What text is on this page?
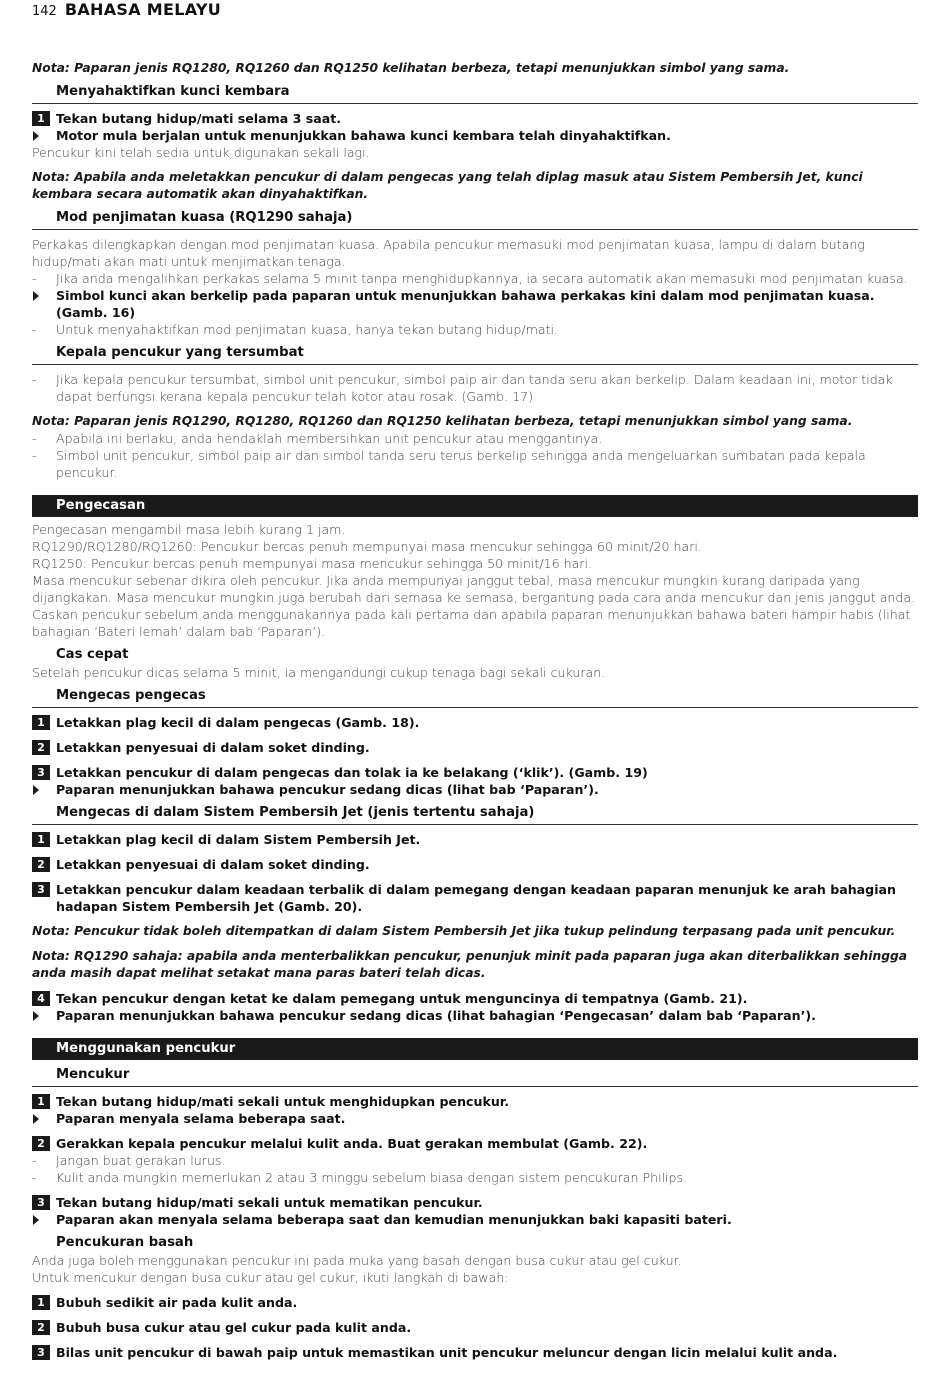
142 BAHASA MELAYU

Nota: Paparan jenis RQ1280, RQ1260 dan RQ1250 kelihatan berbeza, tetapi menunjukkan simbol yang sama.

Menyahaktifkan kunci kembara

1 Tekan butang hidup/mati selama 3 saat.

Motor mula berjalan untuk menunjukkan bahawa kunci kembara telah dinyahaktifkan.

Pencukur kini telah sedia untuk digunakan sekali lagi.

Nota: Apabila anda meletakkan pencukur di dalam pengecas yang telah diplag masuk atau Sistem Pembersih Jet, kunci kembara secara automatik akan dinyahaktifkan.

Mod penjimatan kuasa (RQ1290 sahaja)

Perkakas dilengkapkan dengan mod penjimatan kuasa. Apabila pencukur memasuki mod penjimatan kuasa, lampu di dalam butang hidup/mati akan mati untuk menjimatkan tenaga.

- Jika anda mengalihkan perkakas selama 5 minit tanpa menghidupkannya, ia secara automatik akan memasuki mod penjimatan kuasa.

Simbol kunci akan berkelip pada paparan untuk menunjukkan bahawa perkakas kini dalam mod penjimatan kuasa. (Gamb. 16)

- Untuk menyahaktifkan mod penjimatan kuasa, hanya tekan butang hidup/mati.

Kepala pencukur yang tersumbat

- Jika kepala pencukur tersumbat, simbol unit pencukur, simbol paip air dan tanda seru akan berkelip. Dalam keadaan ini, motor tidak dapat berfungsi kerana kepala pencukur telah kotor atau rosak. (Gamb. 17)

Nota: Paparan jenis RQ1290, RQ1280, RQ1260 dan RQ1250 kelihatan berbeza, tetapi menunjukkan simbol yang sama.

- Apabila ini berlaku, anda hendaklah membersihkan unit pencukur atau menggantinya.

- Simbol unit pencukur, simbol paip air dan simbol tanda seru terus berkelip sehingga anda mengeluarkan sumbatan pada kepala pencukur.

Pengecasan

Pengecasan mengambil masa lebih kurang 1 jam.

RQ1290/RQ1280/RQ1260: Pencukur bercas penuh mempunyai masa mencukur sehingga 60 minit/20 hari.

RQ1250: Pencukur bercas penuh mempunyai masa mencukur sehingga 50 minit/16 hari.

Masa mencukur sebenar dikira oleh pencukur. Jika anda mempunyai janggut tebal, masa mencukur mungkin kurang daripada yang dijangkakan. Masa mencukur mungkin juga berubah dari semasa ke semasa, bergantung pada cara anda mencukur dan jenis janggut anda.

Caskan pencukur sebelum anda menggunakannya pada kali pertama dan apabila paparan menunjukkan bahawa bateri hampir habis (lihat bahagian ‘Bateri lemah’ dalam bab ‘Paparan’).

Cas cepat

Setelah pencukur dicas selama 5 minit, ia mengandungi cukup tenaga bagi sekali cukuran.

Mengecas pengecas

1 Letakkan plag kecil di dalam pengecas (Gamb. 18).

2 Letakkan penyesuai di dalam soket dinding.

3 Letakkan pencukur di dalam pengecas dan tolak ia ke belakang (‘klik’). (Gamb. 19)

Paparan menunjukkan bahawa pencukur sedang dicas (lihat bab ‘Paparan’).

Mengecas di dalam Sistem Pembersih Jet (jenis tertentu sahaja)

1 Letakkan plag kecil di dalam Sistem Pembersih Jet.

2 Letakkan penyesuai di dalam soket dinding.

3 Letakkan pencukur dalam keadaan terbalik di dalam pemegang dengan keadaan paparan menunjuk ke arah bahagian hadapan Sistem Pembersih Jet (Gamb. 20).

Nota: Pencukur tidak boleh ditempatkan di dalam Sistem Pembersih Jet jika tukup pelindung terpasang pada unit pencukur.

Nota: RQ1290 sahaja: apabila anda menterbalikkan pencukur, penunjuk minit pada paparan juga akan diterbalikkan sehingga anda masih dapat melihat setakat mana paras bateri telah dicas.

4 Tekan pencukur dengan ketat ke dalam pemegang untuk menguncinya di tempatnya (Gamb. 21).

Paparan menunjukkan bahawa pencukur sedang dicas (lihat bahagian ‘Pengecasan’ dalam bab ‘Paparan’).

Menggunakan pencukur
Mencukur

1 Tekan butang hidup/mati sekali untuk menghidupkan pencukur.

Paparan menyala selama beberapa saat.

2 Gerakkan kepala pencukur melalui kulit anda. Buat gerakan membulat (Gamb. 22).

- Jangan buat gerakan lurus.

- Kulit anda mungkin memerlukan 2 atau 3 minggu sebelum biasa dengan sistem pencukuran Philips.

3 Tekan butang hidup/mati sekali untuk mematikan pencukur.

Paparan akan menyala selama beberapa saat dan kemudian menunjukkan baki kapasiti bateri.

Pencukuran basah

Anda juga boleh menggunakan pencukur ini pada muka yang basah dengan busa cukur atau gel cukur.

Untuk mencukur dengan busa cukur atau gel cukur, ikuti langkah di bawah:

1 Bubuh sedikit air pada kulit anda.

2 Bubuh busa cukur atau gel cukur pada kulit anda.

3 Bilas unit pencukur di bawah paip untuk memastikan unit pencukur meluncur dengan licin melalui kulit anda.
